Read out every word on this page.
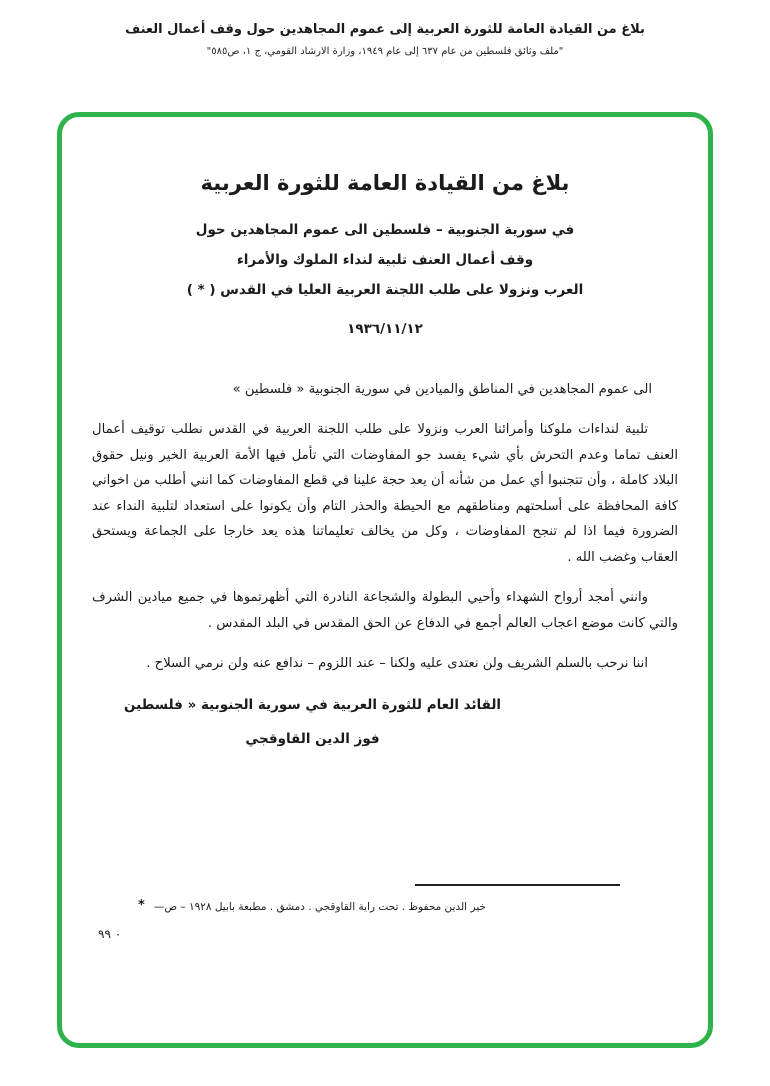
بلاغ من القيادة العامة للثورة العربية إلى عموم المجاهدين حول وقف أعمال العنف
"ملف وثائق فلسطين من عام ٦٣٧ إلى عام ١٩٤٩، وزارة الارشاد القومي، ج ١، ص٥٨٥"
بلاغ من القيادة العامة للثورة العربية
في سورية الجنوبية – فلسطين الى عموم المجاهدين حول
وقف أعمال العنف تلبية لنداء الملوك والأمراء
العرب ونزولا على طلب اللجنة العربية العليا في القدس ( * )
١٩٣٦/١١/١٢

الى عموم المجاهدين في المناطق والميادين في سورية الجنوبية « فلسطين »

تلبية لنداءات ملوكنا وأمرائنا العرب ونزولا على طلب اللجنة العربية في القدس نطلب توقيف أعمال العنف تماما وعدم التحرش بأي شيء يفسد جو المفاوضات التي تأمل فيها الأمة العربية الخير ونيل حقوق البلاد كاملة ، وأن تتجنبوا أي عمل من شأنه أن يعد حجة علينا في قطع المفاوضات كما انني أطلب من اخواني كافة المحافظة على أسلحتهم ومناطقهم مع الحيطة والحذر التام وأن يكونوا على استعداد لتلبية النداء عند الضرورة فيما اذا لم تنجح المفاوضات ، وكل من يخالف تعليماتنا هذه يعد خارجا على الجماعة ويستحق العقاب وغضب الله .

وانني أمجد أرواح الشهداء وأحيي البطولة والشجاعة النادرة التي أظهرتموها في جميع ميادين الشرف والتي كانت موضع اعجاب العالم أجمع في الدفاع عن الحق المقدس في البلد المقدس .

اننا نرحب بالسلم الشريف ولن نعتدى عليه ولكنا – عند اللزوم – ندافع عنه ولن نرمي السلاح .

القائد العام للثورة العربية في سورية الجنوبية « فلسطين
فوز الدين القاوقجي
* خير الدين محفوظ . تحت راية القاوقجي . دمشق . مطبعة بابيل ١٩٢٨ – ص—
٠ ٩٩
